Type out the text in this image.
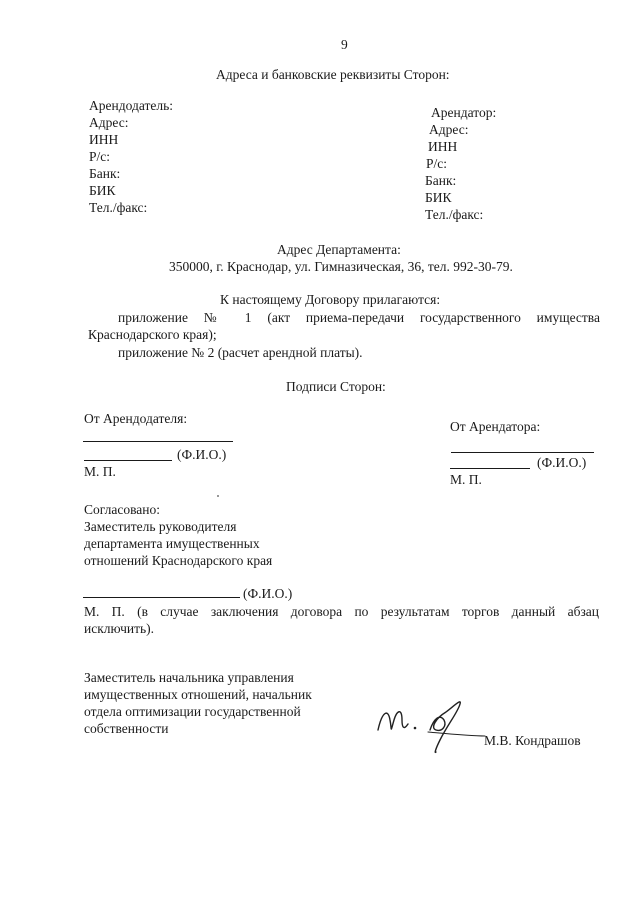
9
Адреса и банковские реквизиты Сторон:
Арендодатель:
Адрес:
ИНН
Р/с:
Банк:
БИК
Тел./факс:
Арендатор:
Адрес:
ИНН
Р/с:
Банк:
БИК
Тел./факс:
Адрес Департамента:
350000, г. Краснодар, ул. Гимназическая, 36, тел. 992-30-79.
К настоящему Договору прилагаются:
приложение № 1 (акт приема-передачи государственного имущества
Краснодарского края);
приложение № 2 (расчет арендной платы).
Подписи Сторон:
От Арендодателя:
(Ф.И.О.)
М. П.
От Арендатора:
(Ф.И.О.)
М. П.
Согласовано:
Заместитель руководителя
департамента имущественных
отношений Краснодарского края
(Ф.И.О.)
М. П. (в случае заключения договора по результатам торгов данный абзац
исключить).
Заместитель начальника управления
имущественных отношений, начальник
отдела оптимизации государственной
собственности
М.В. Кондрашов
